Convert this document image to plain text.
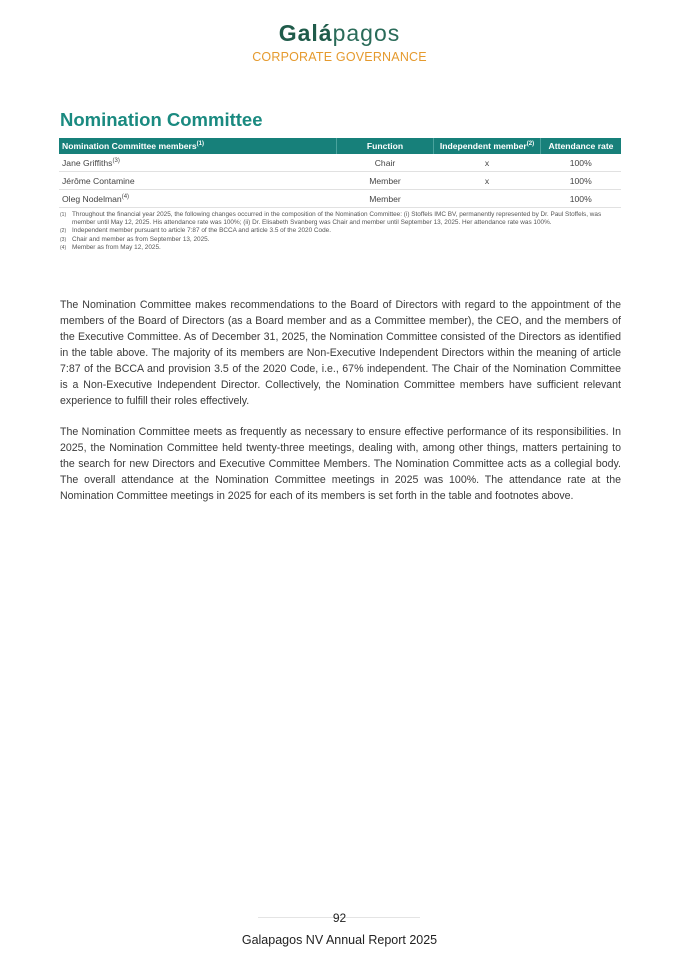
Galápagos
CORPORATE GOVERNANCE
Nomination Committee
Nomination Committee members$^{(1)}$	Function	Independent member$^{(2)}$	Attendance rate
Jane Griffiths$^{(3)}$	Chair	x	100%
Jérôme Contamine	Member	x	100%
Oleg Nodelman$^{(4)}$	Member		100%
(1) Throughout the financial year 2025, the following changes occurred in the composition of the Nomination Committee: (i) Stoffels IMC BV, permanently represented by Dr. Paul Stoffels, was member until May 12, 2025. His attendance rate was 100%; (ii) Dr. Elisabeth Svanberg was Chair and member until September 13, 2025. Her attendance rate was 100%.
(2) Independent member pursuant to article 7:87 of the BCCA and article 3.5 of the 2020 Code.
(3) Chair and member as from September 13, 2025.
(4) Member as from May 12, 2025.

The Nomination Committee makes recommendations to the Board of Directors with regard to the appointment of the members of the Board of Directors (as a Board member and as a Committee member), the CEO, and the members of the Executive Committee. As of December 31, 2025, the Nomination Committee consisted of the Directors as identified in the table above. The majority of its members are Non-Executive Independent Directors within the meaning of article 7:87 of the BCCA and provision 3.5 of the 2020 Code, i.e., 67% independent. The Chair of the Nomination Committee is a Non-Executive Independent Director. Collectively, the Nomination Committee members have sufficient relevant experience to fulfill their roles effectively.

The Nomination Committee meets as frequently as necessary to ensure effective performance of its responsibilities. In 2025, the Nomination Committee held twenty-three meetings, dealing with, among other things, matters pertaining to the search for new Directors and Executive Committee Members. The Nomination Committee acts as a collegial body. The overall attendance at the Nomination Committee meetings in 2025 was 100%. The attendance rate at the Nomination Committee meetings in 2025 for each of its members is set forth in the table and footnotes above.

92
Galapagos NV Annual Report 2025
